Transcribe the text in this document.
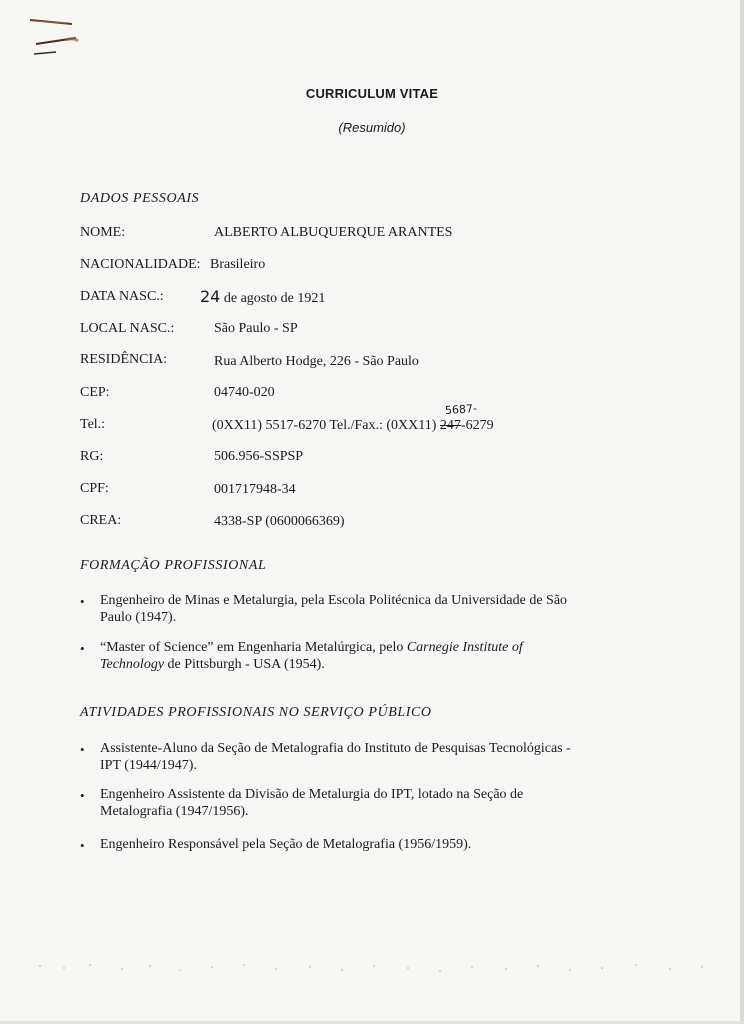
CURRICULUM VITAE
(Resumido)
DADOS PESSOAIS
NOME:	ALBERTO ALBUQUERQUE ARANTES
NACIONALIDADE: Brasileiro
DATA NASC.: 24 de agosto de 1921
LOCAL NASC.:	São Paulo - SP
RESIDÊNCIA:	Rua Alberto Hodge, 226 - São Paulo
CEP:	04740-020
Tel.:	(0XX11) 5517-6270 Tel./Fax.: (0XX11) 247-6279
5687-
RG:	506.956-SSPSP
CPF:	001717948-34
CREA:	4338-SP (0600066369)
FORMAÇÃO PROFISSIONAL
• Engenheiro de Minas e Metalurgia, pela Escola Politécnica da Universidade de São
Paulo (1947).
• “Master of Science” em Engenharia Metalúrgica, pelo Carnegie Institute of
Technology de Pittsburgh - USA (1954).
ATIVIDADES PROFISSIONAIS NO SERVIÇO PÚBLICO
• Assistente-Aluno da Seção de Metalografia do Instituto de Pesquisas Tecnológicas -
IPT (1944/1947).
• Engenheiro Assistente da Divisão de Metalurgia do IPT, lotado na Seção de
Metalografia (1947/1956).
• Engenheiro Responsável pela Seção de Metalografia (1956/1959).
